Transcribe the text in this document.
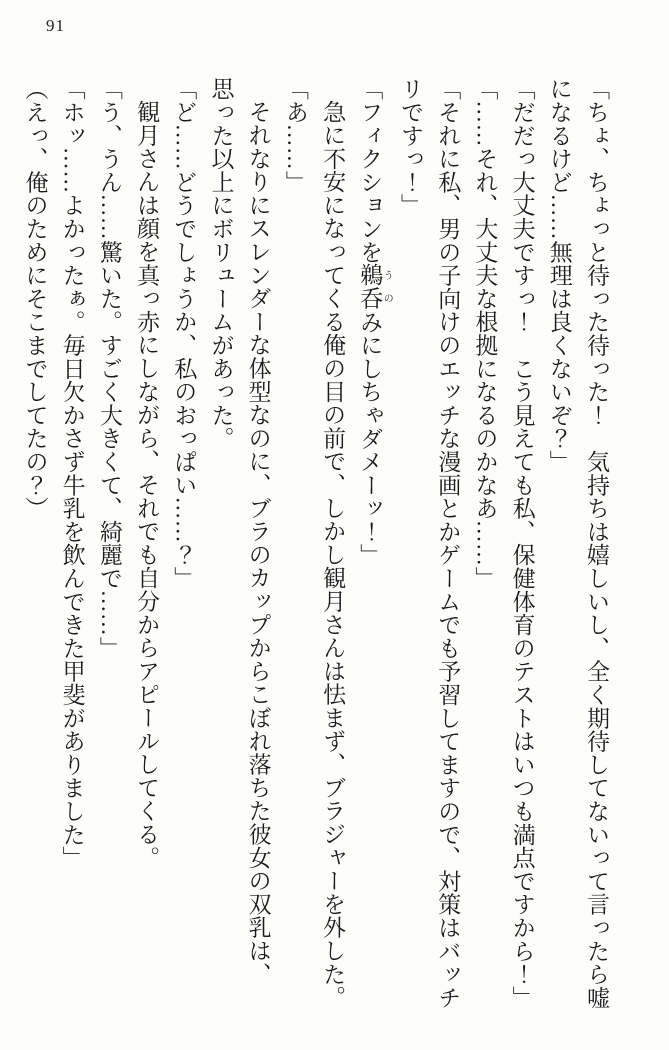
91
「ちょ、ちょっと待った待った！　気持ちは嬉しいし、全く期待してないって言ったら嘘
になるけど……無理は良くないぞ？」
「だだっ大丈夫ですっ！　こう見えても私、保健体育のテストはいつも満点ですから！」
「……それ、大丈夫な根拠になるのかなあ……」
「それに私、男の子向けのエッチな漫画とかゲームでも予習してますので、対策はバッチ
リですっ！」
「フィクションを鵜 う呑 のみにしちゃダメーッ！」
急に不安になってくる俺の目の前で、しかし観月さんは怯まず、ブラジャーを外した。
「あ……」
それなりにスレンダーな体型なのに、ブラのカップからこぼれ落ちた彼女の双乳は、
思った以上にボリュームがあった。
「ど……どうでしょうか、私のおっぱい……？」
観月さんは顔を真っ赤にしながら、それでも自分からアピールしてくる。
「う、うん……驚いた。すごく大きくて、綺麗で……」
「ホッ……よかったぁ。毎日欠かさず牛乳を飲んできた甲斐がありました」
（えっ、俺のためにそこまでしてたの？）
